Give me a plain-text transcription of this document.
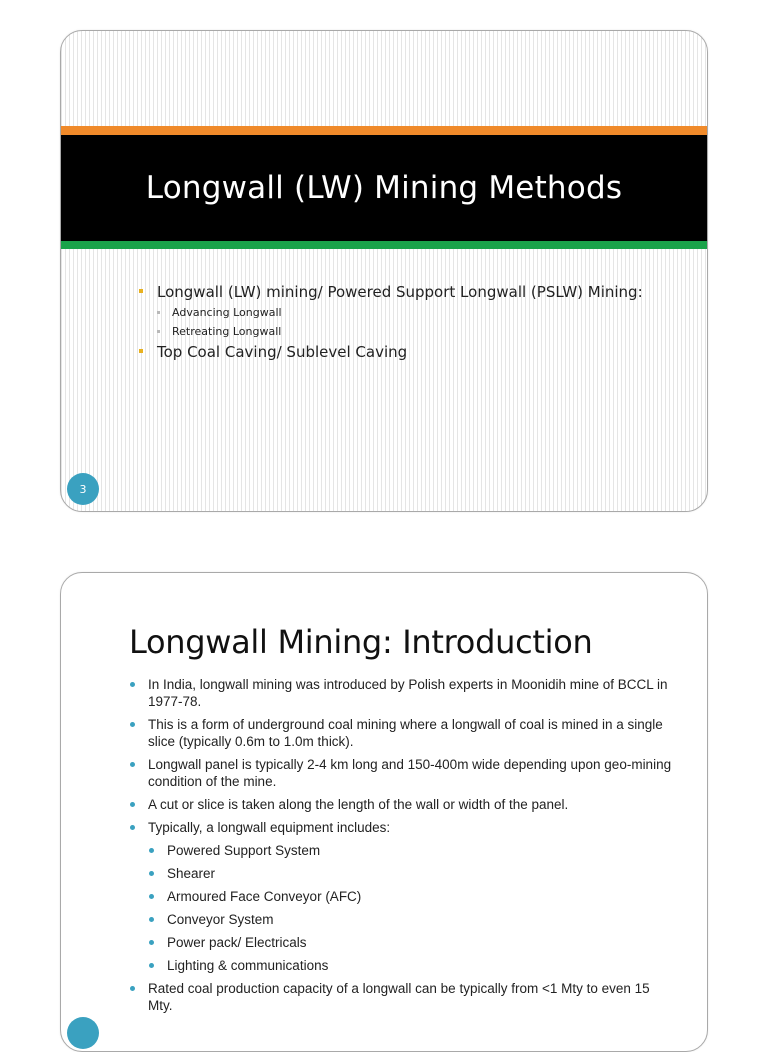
Longwall (LW) Mining Methods
Longwall (LW) mining/ Powered Support Longwall (PSLW) Mining:
Advancing Longwall
Retreating Longwall
Top Coal Caving/ Sublevel Caving
3
Longwall Mining: Introduction
In India, longwall mining was introduced by Polish experts in Moonidih mine of BCCL in 1977-78.
This is a form of underground coal mining where a longwall of coal is mined in a single slice (typically 0.6m to 1.0m thick).
Longwall panel is typically 2-4 km long and 150-400m wide depending upon geo-mining condition of the mine.
A cut or slice is taken along the length of the wall or width of the panel.
Typically, a longwall equipment includes:
Powered Support System
Shearer
Armoured Face Conveyor (AFC)
Conveyor System
Power pack/ Electricals
Lighting & communications
Rated coal production capacity of a longwall can be typically from <1 Mty to even 15 Mty.
